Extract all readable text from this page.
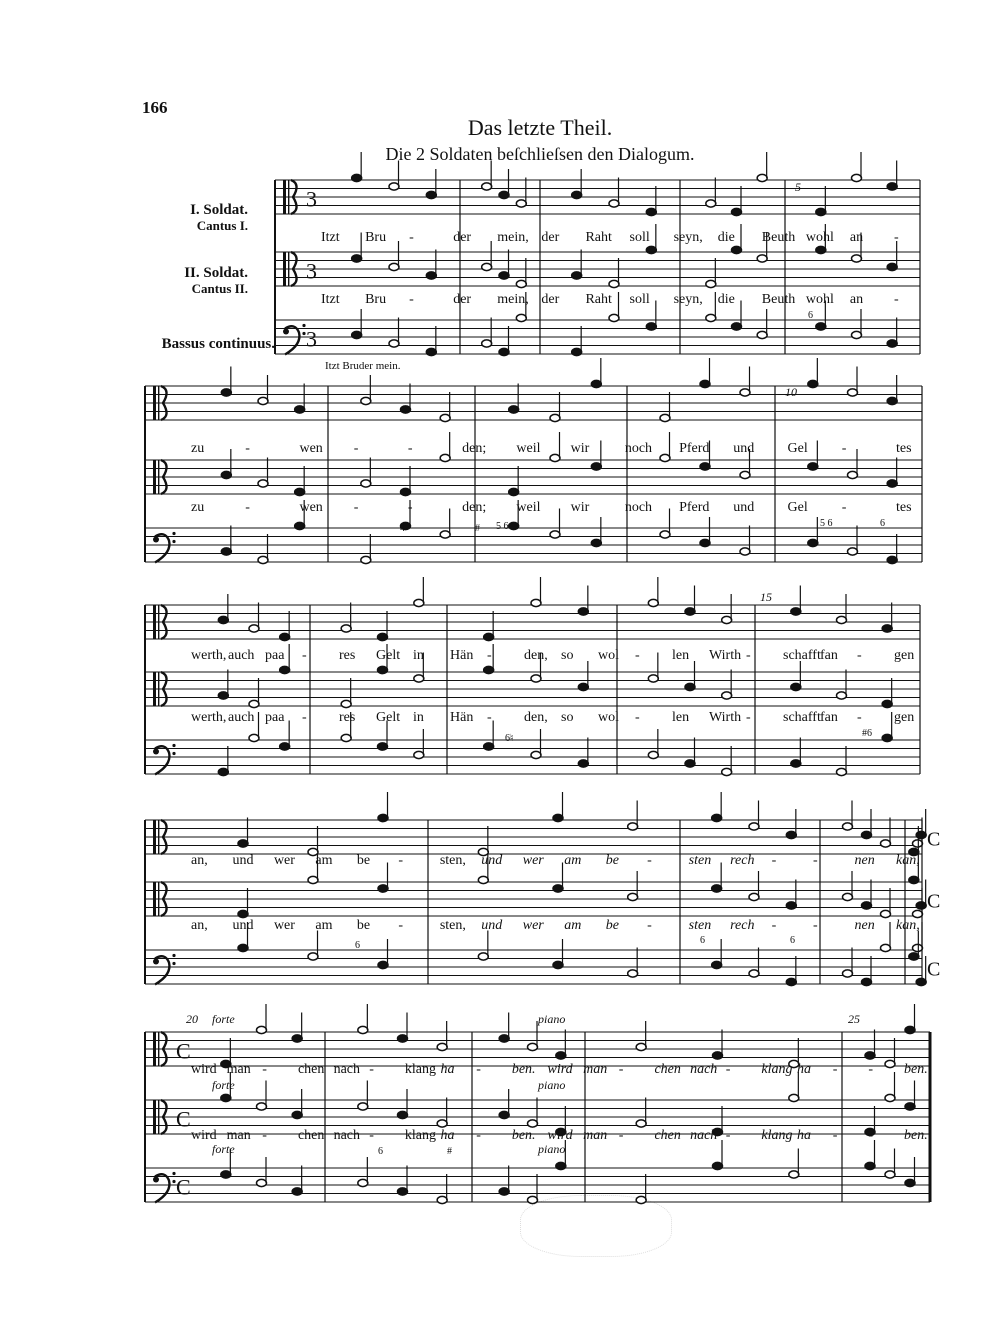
166
Das letzte Theil.
Die 2 Soldaten beſchlieſsen den Dialogum.
I. Soldat.
Cantus I.
II. Soldat.
Cantus II.
Bassus continuus.
Itzt Bruder mein.
3
3
3
C
C
C
C
C
C
Itzt Bru -	der mein, der Raht soll seyn, die Beuth wohl an -
Itzt Bru -	der mein, der Raht soll seyn, die Beuth wohl an -
5
zu	-	wen -	-	den; weil wir	noch Pferd und Gel -	tes
zu	-	wen -	-	den; weil wir	noch Pferd und Gel -	tes
10
werth, auch paa - res Gelt in Hän - den, so wol - len Wirth - schafft fan - gen
werth, auch paa - res Gelt in Hän - den, so wol - len Wirth - schafft fan - gen
15
an, und wer am be -	sten, und wer am be -	sten rech -	-	nen kan,
an, und wer am be -	sten, und wer am be -	sten rech -	-	nen kan,
wird man - chen nach - klang ha - ben. wird man - chen nach - klang ha - - ben.
wird man - chen nach - klang ha - ben. wird man - chen nach - klang ha - - ben.
20	25
forte
forte
forte
piano
piano
piano
6
4	# 5 6	6
5 6
6♮	#6
6	6	6
6	#
